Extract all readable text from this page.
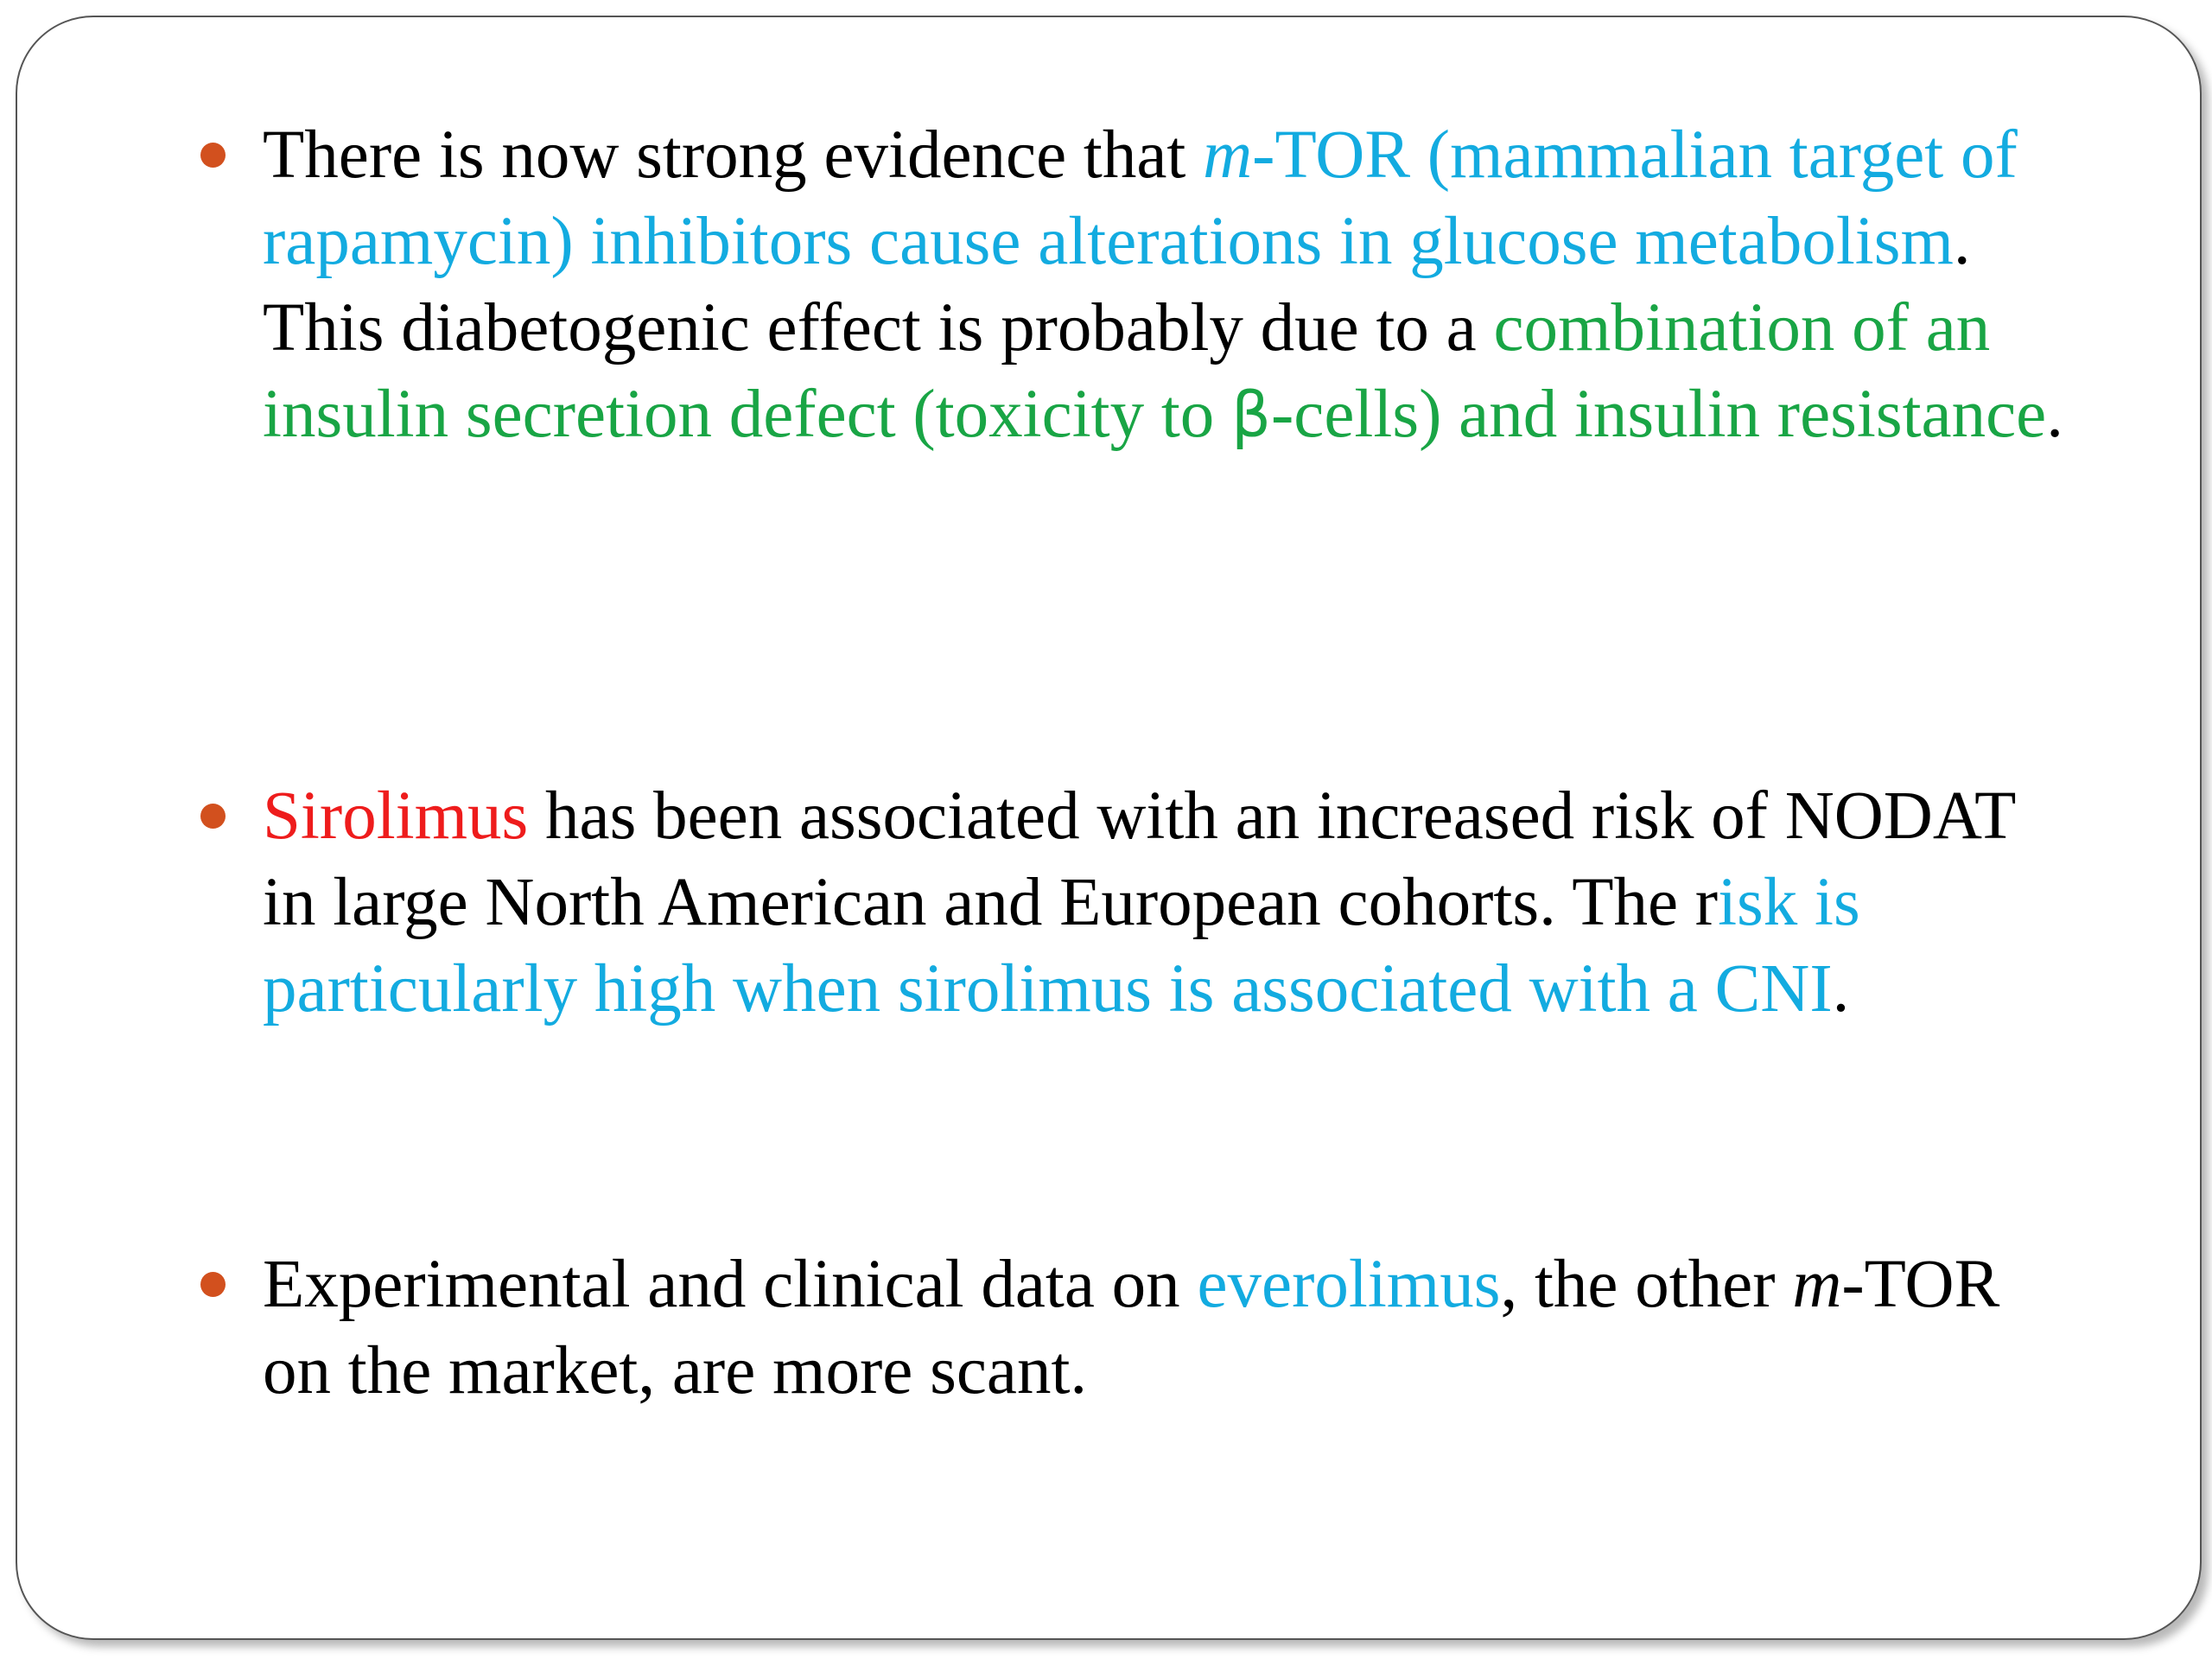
There is now strong evidence that m-TOR (mammalian target of rapamycin) inhibitors cause alterations in glucose metabolism. This diabetogenic effect is probably due to a combination of an insulin secretion defect (toxicity to β-cells) and insulin resistance.
Sirolimus has been associated with an increased risk of NODAT in large North American and European cohorts. The risk is particularly high when sirolimus is associated with a CNI.
Experimental and clinical data on everolimus, the other m-TOR on the market, are more scant.
